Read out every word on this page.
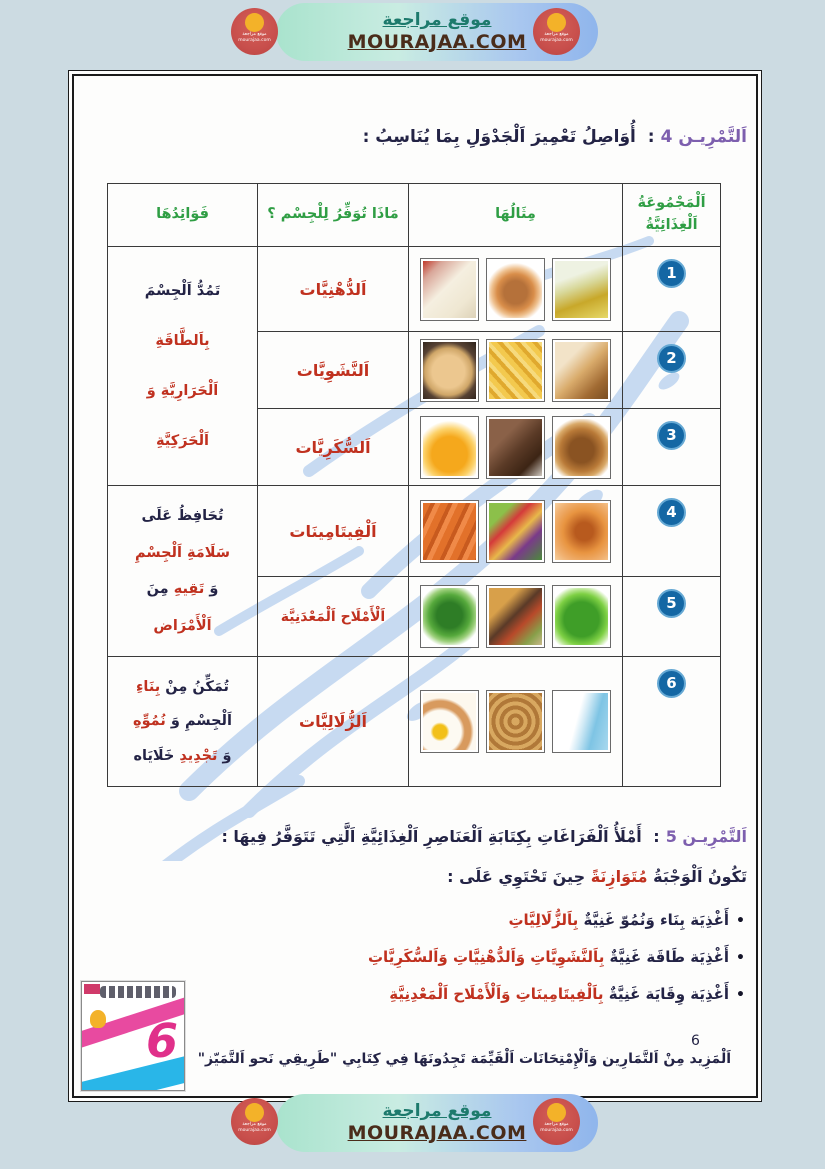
موقع مراجعة
MOURAJAA.COM
موقع مراجعة
mourajaa.com
موقع مراجعة
mourajaa.com
اَلتَّمْرِيـن 4: أُوَاصِلُ تَعْمِيرَ اَلْجَدْوَلِ بِمَا يُنَاسِبُ :
اَلْمَجْمُوعَةُ
اَلْغِذَائِيَّةُ	مِثَالُهَا	مَاذَا تُوَفِّرُ لِلْجِسْم ؟	فَوَائِدُهَا
1		اَلدُّهْنِيَّات	تَمُدُّ اَلْجِسْمَ
بِاَلطَّاقَةِ
اَلْحَرَارِيَّةِ وَ
اَلْحَرَكِيَّةِ

2		اَلنَّشَوِيَّات	
3		اَلسُّكَرِيَّات	
4		اَلْفِيتَامِينَات	تُحَافِظُ عَلَى
سَلَامَةِ اَلْجِسْمِ
وَ تَقِيهِ مِنَ
اَلْأَمْرَاض

5		اَلْأَمْلَاح اَلْمَعْدَنِيَّة	
6		اَلزُّلَالِيَّات	تُمَكِّنُ مِنْ بِنَاءِ
اَلْجِسْمِ وَ نُمُوِّهِ
وَ تَجْدِيدِ خَلَايَاه
اَلتَّمْرِيـن 5: أَمْلَأُ اَلْفَرَاغَاتِ بِكِتَابَةِ اَلْعَنَاصِرِ اَلْغِذَائِيَّةِ اَلَّتِي تَتَوَفَّرُ فِيهَا :
تَكُونُ اَلْوَجْبَةُ مُتَوَازِنَةً حِينَ تَحْتَوِي عَلَى :
•أَغْذِيَة بِنَاء وَنُمُوّ غَنِيَّةٌ بِاَلزُّلَالِيَّاتِ
•أَغْذِيَة طَاقَة غَنِيَّةٌ بِاَلنَّشَوِيَّاتِ وَاَلدُّهْنِيَّاتِ وَاَلسُّكَرِيَّاتِ
•أَغْذِيَة وِقَايَة غَنِيَّةٌ بِاَلْفِيتَامِينَاتِ وَاَلْأَمْلَاح اَلْمَعْدِنِيَّةِ
6
اَلْمَزِيد مِنْ اَلتَّمَارِين وَاَلْإِمْتِحَانَات اَلْقَيِّمَة تَجِدُونَهَا فِي كِتَابِي "طَرِيقِي نَحو اَلتَّمَيّز"
6
موقع مراجعة
MOURAJAA.COM
موقع مراجعة
mourajaa.com
موقع مراجعة
mourajaa.com
